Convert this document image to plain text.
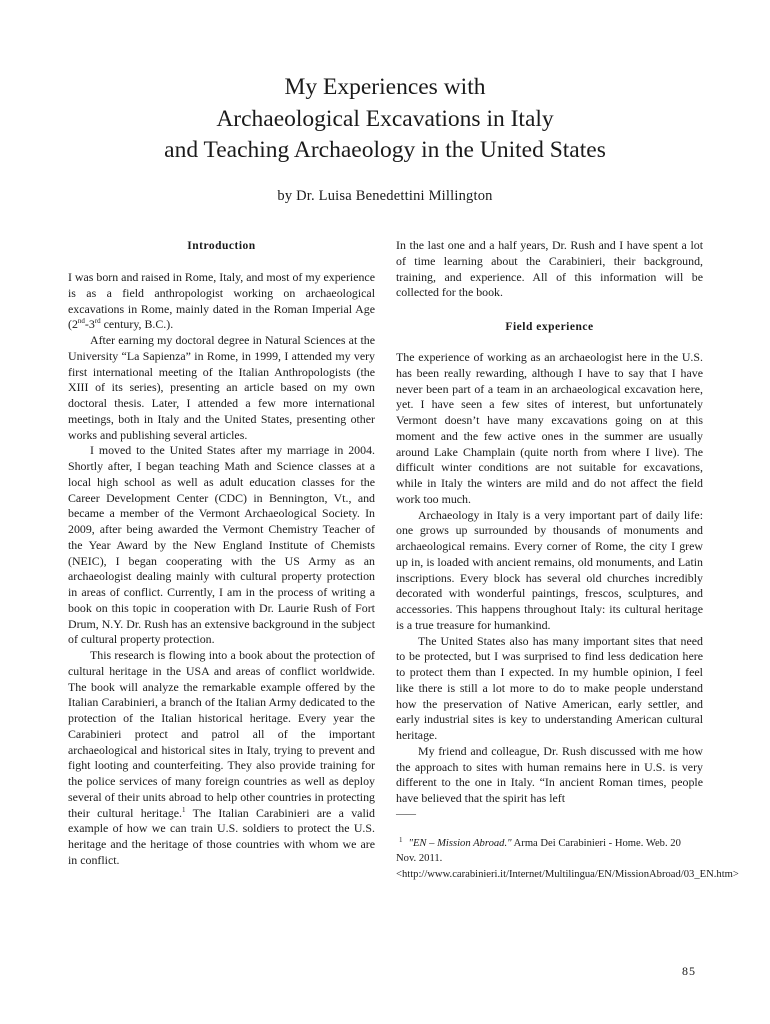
My Experiences with
Archaeological Excavations in Italy
and Teaching Archaeology in the United States
by Dr. Luisa Benedettini Millington
Introduction

I was born and raised in Rome, Italy, and most of my experience is as a field anthropologist working on archaeological excavations in Rome, mainly dated in the Roman Imperial Age (2nd-3rd century, B.C.).

After earning my doctoral degree in Natural Sciences at the University “La Sapienza” in Rome, in 1999, I attended my very first international meeting of the Italian Anthropologists (the XIII of its series), presenting an article based on my own doctoral thesis. Later, I attended a few more international meetings, both in Italy and the United States, presenting other works and publishing several articles.

I moved to the United States after my marriage in 2004. Shortly after, I began teaching Math and Science classes at a local high school as well as adult education classes for the Career Development Center (CDC) in Bennington, Vt., and became a member of the Vermont Archaeological Society. In 2009, after being awarded the Vermont Chemistry Teacher of the Year Award by the New England Institute of Chemists (NEIC), I began cooperating with the US Army as an archaeologist dealing mainly with cultural property protection in areas of conflict. Currently, I am in the process of writing a book on this topic in cooperation with Dr. Laurie Rush of Fort Drum, N.Y. Dr. Rush has an extensive background in the subject of cultural property protection.

This research is flowing into a book about the protection of cultural heritage in the USA and areas of conflict worldwide. The book will analyze the remarkable example offered by the Italian Carabinieri, a branch of the Italian Army dedicated to the protection of the Italian historical heritage. Every year the Carabinieri protect and patrol all of the important archaeological and historical sites in Italy, trying to prevent and fight looting and counterfeiting. They also provide training for the police services of many foreign countries as well as deploy several of their units abroad to help other countries in protecting their cultural heritage.$^1$ The Italian Carabinieri are a valid example of how we can train U.S. soldiers to protect the U.S. heritage and the heritage of those countries with whom we are in conflict.

In the last one and a half years, Dr. Rush and I have spent a lot of time learning about the Carabinieri, their background, training, and experience. All of this information will be collected for the book.

Field experience

The experience of working as an archaeologist here in the U.S. has been really rewarding, although I have to say that I have never been part of a team in an archaeological excavation here, yet. I have seen a few sites of interest, but unfortunately Vermont doesn’t have many excavations going on at this moment and the few active ones in the summer are usually around Lake Champlain (quite north from where I live). The difficult winter conditions are not suitable for excavations, while in Italy the winters are mild and do not affect the field work too much.

Archaeology in Italy is a very important part of daily life: one grows up surrounded by thousands of monuments and archaeological remains. Every corner of Rome, the city I grew up in, is loaded with ancient remains, old monuments, and Latin inscriptions. Every block has several old churches incredibly decorated with wonderful paintings, frescos, sculptures, and accessories. This happens throughout Italy: its cultural heritage is a true treasure for humankind.

The United States also has many important sites that need to be protected, but I was surprised to find less dedication here to protect them than I expected. In my humble opinion, I feel like there is still a lot more to do to make people understand how the preservation of Native American, early settler, and early industrial sites is key to understanding American cultural heritage.

My friend and colleague, Dr. Rush discussed with me how the approach to sites with human remains here in U.S. is very different to the one in Italy. “In ancient Roman times, people have believed that the spirit has left

——
$^1$ "EN – Mission Abroad." Arma Dei Carabinieri - Home. Web. 20 Nov. 2011. <http://www.carabinieri.it/Internet/Multilingua/EN/MissionAbroad/03_EN.htm>
85
